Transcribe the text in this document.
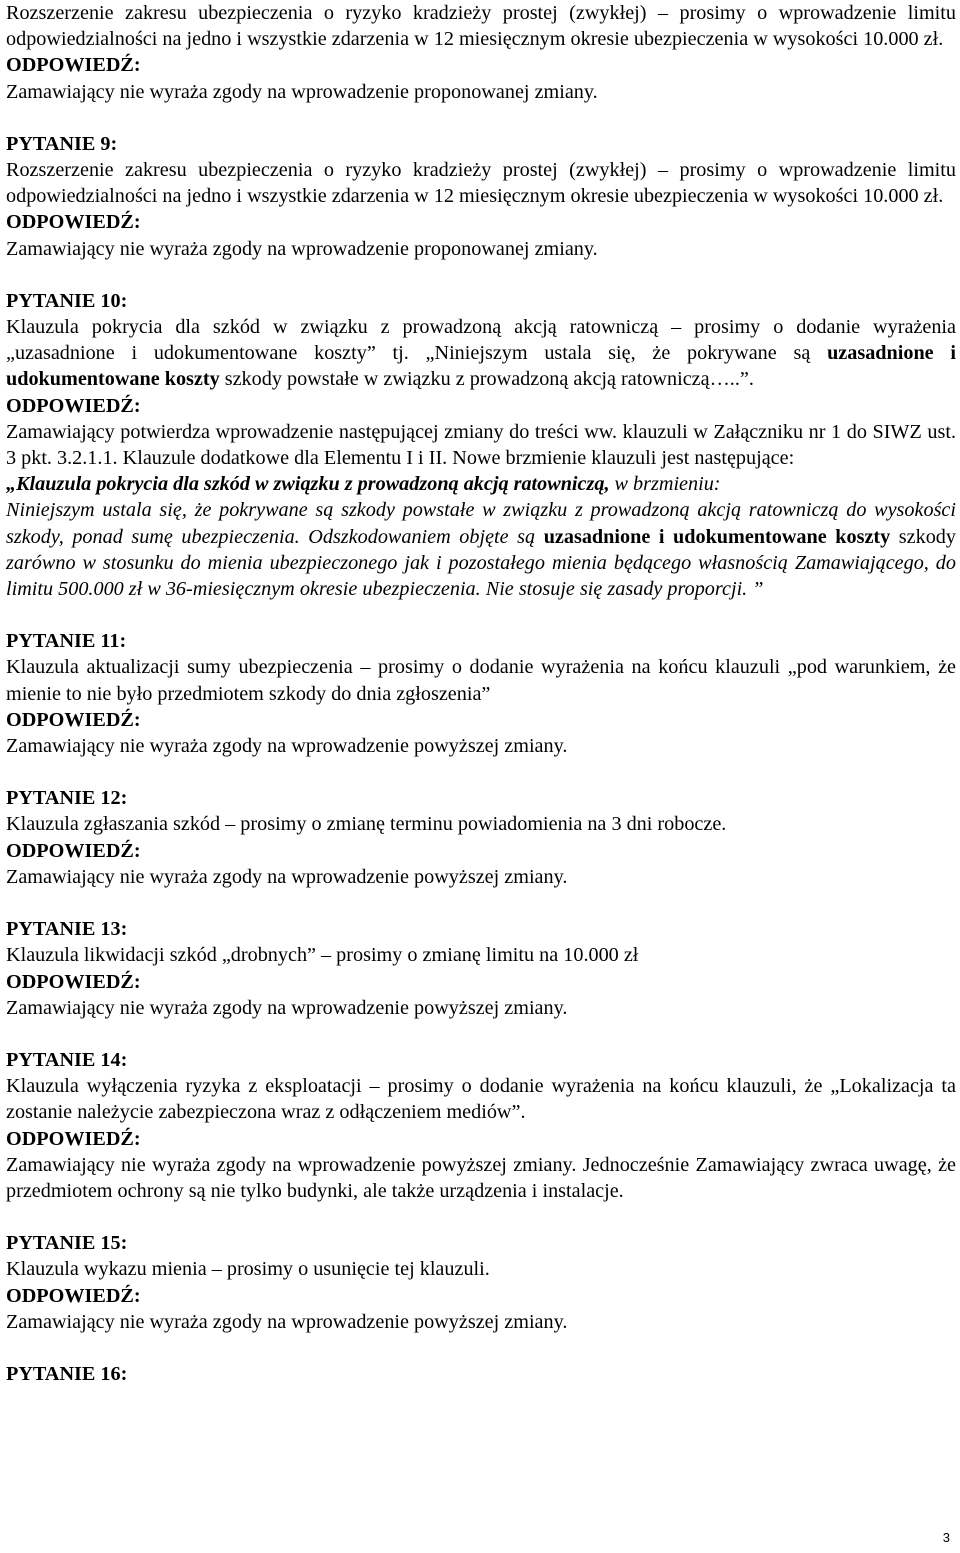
Rozszerzenie zakresu ubezpieczenia o ryzyko kradzieży prostej (zwykłej) – prosimy o wprowadzenie limitu odpowiedzialności na jedno i wszystkie zdarzenia w 12 miesięcznym okresie ubezpieczenia w wysokości 10.000 zł.
ODPOWIEDŹ:
Zamawiający nie wyraża zgody na wprowadzenie proponowanej zmiany.
PYTANIE 9:
Rozszerzenie zakresu ubezpieczenia o ryzyko kradzieży prostej (zwykłej) – prosimy o wprowadzenie limitu odpowiedzialności na jedno i wszystkie zdarzenia w 12 miesięcznym okresie ubezpieczenia w wysokości 10.000 zł.
ODPOWIEDŹ:
Zamawiający nie wyraża zgody na wprowadzenie proponowanej zmiany.
PYTANIE 10:
Klauzula pokrycia dla szkód w związku z prowadzoną akcją ratowniczą – prosimy o dodanie wyrażenia „uzasadnione i udokumentowane koszty” tj. „Niniejszym ustala się, że pokrywane są uzasadnione i udokumentowane koszty szkody powstałe w związku z prowadzoną akcją ratowniczą…..”.
ODPOWIEDŹ:
Zamawiający potwierdza wprowadzenie następującej zmiany do treści ww. klauzuli w Załączniku nr 1 do SIWZ ust. 3 pkt. 3.2.1.1. Klauzule dodatkowe dla Elementu I i II. Nowe brzmienie klauzuli jest następujące:
„Klauzula pokrycia dla szkód w związku z prowadzoną akcją ratowniczą, w brzmieniu:
Niniejszym ustala się, że pokrywane są szkody powstałe w związku z prowadzoną akcją ratowniczą do wysokości szkody, ponad sumę ubezpieczenia. Odszkodowaniem objęte są uzasadnione i udokumentowane koszty szkody zarówno w stosunku do mienia ubezpieczonego jak i pozostałego mienia będącego własnością Zamawiającego, do limitu 500.000 zł w 36-miesięcznym okresie ubezpieczenia. Nie stosuje się zasady proporcji. ”
PYTANIE 11:
Klauzula aktualizacji sumy ubezpieczenia – prosimy o dodanie wyrażenia na końcu klauzuli „pod warunkiem, że mienie to nie było przedmiotem szkody do dnia zgłoszenia”
ODPOWIEDŹ:
Zamawiający nie wyraża zgody na wprowadzenie powyższej zmiany.
PYTANIE 12:
Klauzula zgłaszania szkód – prosimy o zmianę terminu powiadomienia na 3 dni robocze.
ODPOWIEDŹ:
Zamawiający nie wyraża zgody na wprowadzenie powyższej zmiany.
PYTANIE 13:
Klauzula likwidacji szkód „drobnych” – prosimy o zmianę limitu na 10.000 zł
ODPOWIEDŹ:
Zamawiający nie wyraża zgody na wprowadzenie powyższej zmiany.
PYTANIE 14:
Klauzula wyłączenia ryzyka z eksploatacji – prosimy o dodanie wyrażenia na końcu klauzuli, że „Lokalizacja ta zostanie należycie zabezpieczona wraz z odłączeniem mediów”.
ODPOWIEDŹ:
Zamawiający nie wyraża zgody na wprowadzenie powyższej zmiany. Jednocześnie Zamawiający zwraca uwagę, że przedmiotem ochrony są nie tylko budynki, ale także urządzenia i instalacje.
PYTANIE 15:
Klauzula wykazu mienia – prosimy o usunięcie tej klauzuli.
ODPOWIEDŹ:
Zamawiający nie wyraża zgody na wprowadzenie powyższej zmiany.
PYTANIE 16:
3
